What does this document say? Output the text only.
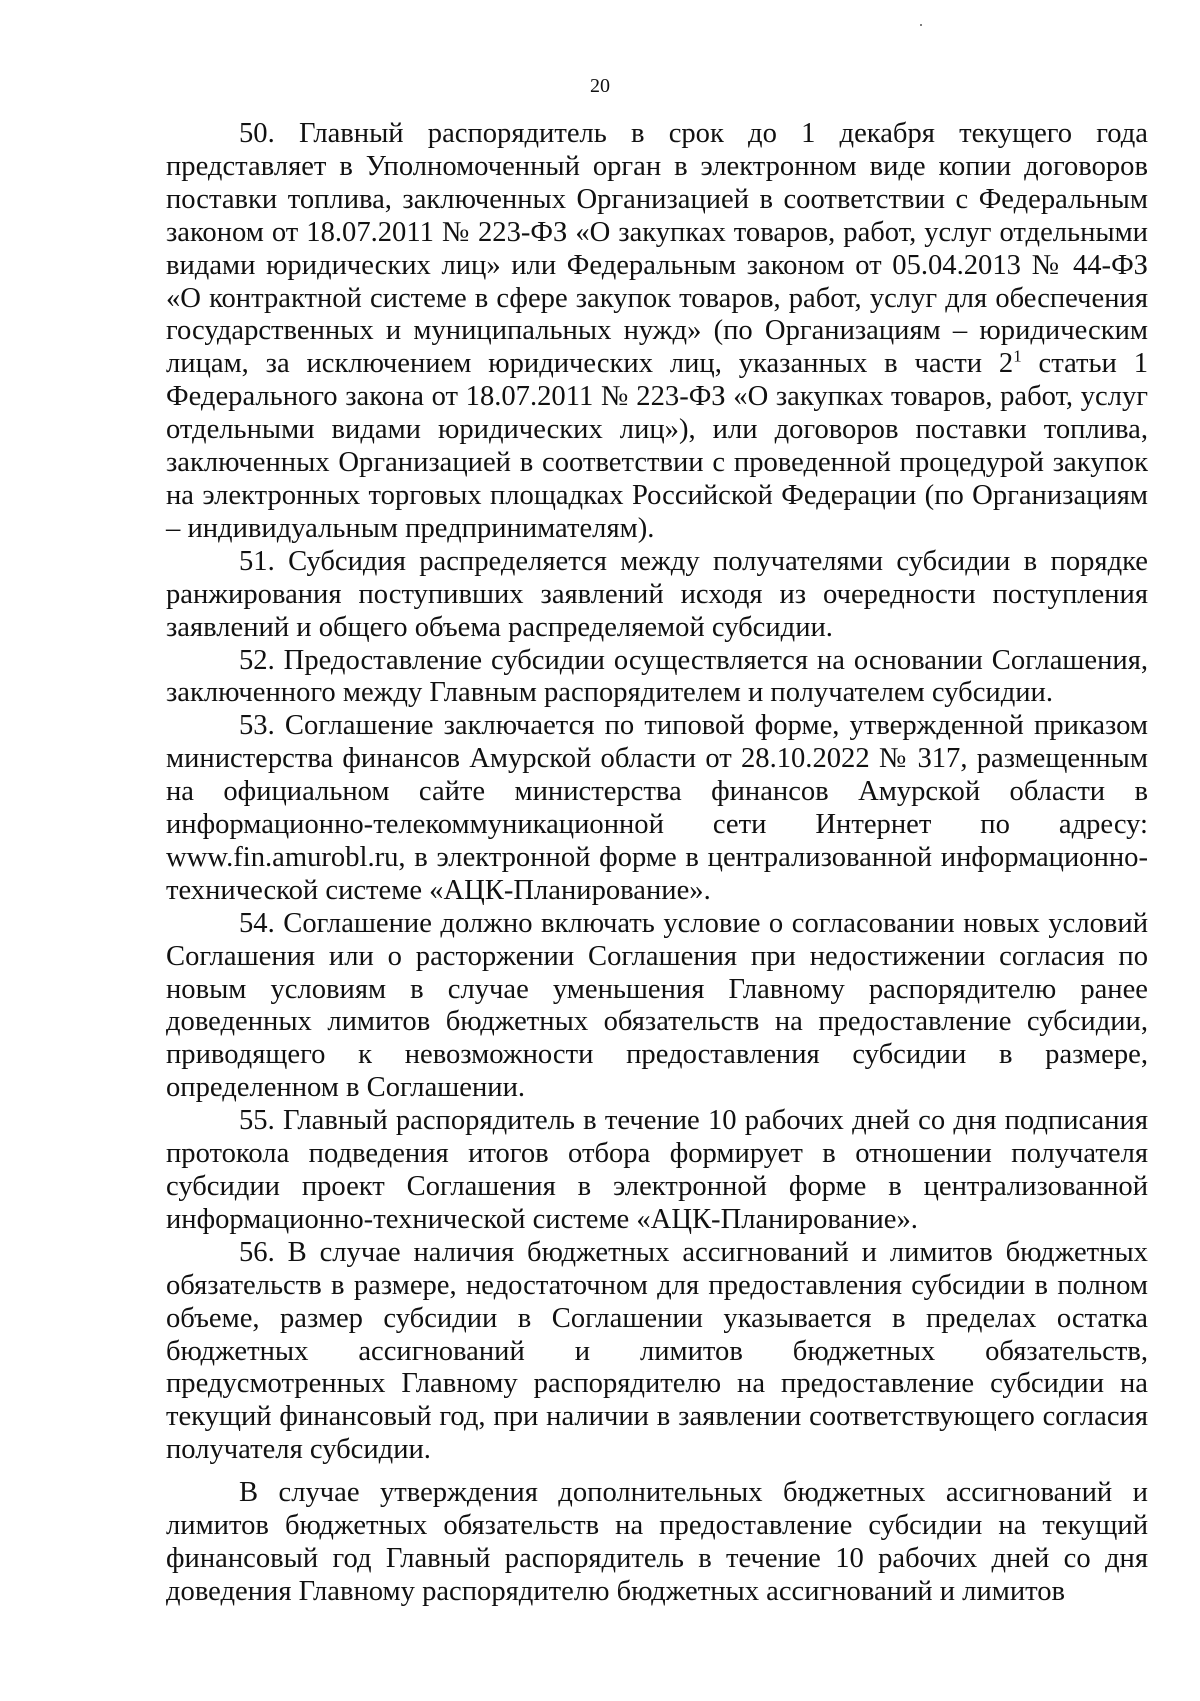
20

50. Главный распорядитель в срок до 1 декабря текущего года представляет в Уполномоченный орган в электронном виде копии договоров поставки топлива, заключенных Организацией в соответствии с Федеральным законом от 18.07.2011 № 223-ФЗ «О закупках товаров, работ, услуг отдельными видами юридических лиц» или Федеральным законом от 05.04.2013 № 44-ФЗ «О контрактной системе в сфере закупок товаров, работ, услуг для обеспечения государственных и муниципальных нужд» (по Организациям – юридическим лицам, за исключением юридических лиц, указанных в части $2^1$ статьи 1 Федерального закона от 18.07.2011 № 223-ФЗ «О закупках товаров, работ, услуг отдельными видами юридических лиц»), или договоров поставки топлива, заключенных Организацией в соответствии с проведенной процедурой закупок на электронных торговых площадках Российской Федерации (по Организациям – индивидуальным предпринимателям).

51. Субсидия распределяется между получателями субсидии в порядке ранжирования поступивших заявлений исходя из очередности поступления заявлений и общего объема распределяемой субсидии.

52. Предоставление субсидии осуществляется на основании Соглашения, заключенного между Главным распорядителем и получателем субсидии.

53. Соглашение заключается по типовой форме, утвержденной приказом министерства финансов Амурской области от 28.10.2022 № 317, размещенным на официальном сайте министерства финансов Амурской области в информационно-телекоммуникационной сети Интернет по адресу: www.fin.amurobl.ru, в электронной форме в централизованной информационно-технической системе «АЦК-Планирование».

54. Соглашение должно включать условие о согласовании новых условий Соглашения или о расторжении Соглашения при недостижении согласия по новым условиям в случае уменьшения Главному распорядителю ранее доведенных лимитов бюджетных обязательств на предоставление субсидии, приводящего к невозможности предоставления субсидии в размере, определенном в Соглашении.

55. Главный распорядитель в течение 10 рабочих дней со дня подписания протокола подведения итогов отбора формирует в отношении получателя субсидии проект Соглашения в электронной форме в централизованной информационно-технической системе «АЦК-Планирование».

56. В случае наличия бюджетных ассигнований и лимитов бюджетных обязательств в размере, недостаточном для предоставления субсидии в полном объеме, размер субсидии в Соглашении указывается в пределах остатка бюджетных ассигнований и лимитов бюджетных обязательств, предусмотренных Главному распорядителю на предоставление субсидии на текущий финансовый год, при наличии в заявлении соответствующего согласия получателя субсидии.

В случае утверждения дополнительных бюджетных ассигнований и лимитов бюджетных обязательств на предоставление субсидии на текущий финансовый год Главный распорядитель в течение 10 рабочих дней со дня доведения Главному распорядителю бюджетных ассигнований и лимитов
